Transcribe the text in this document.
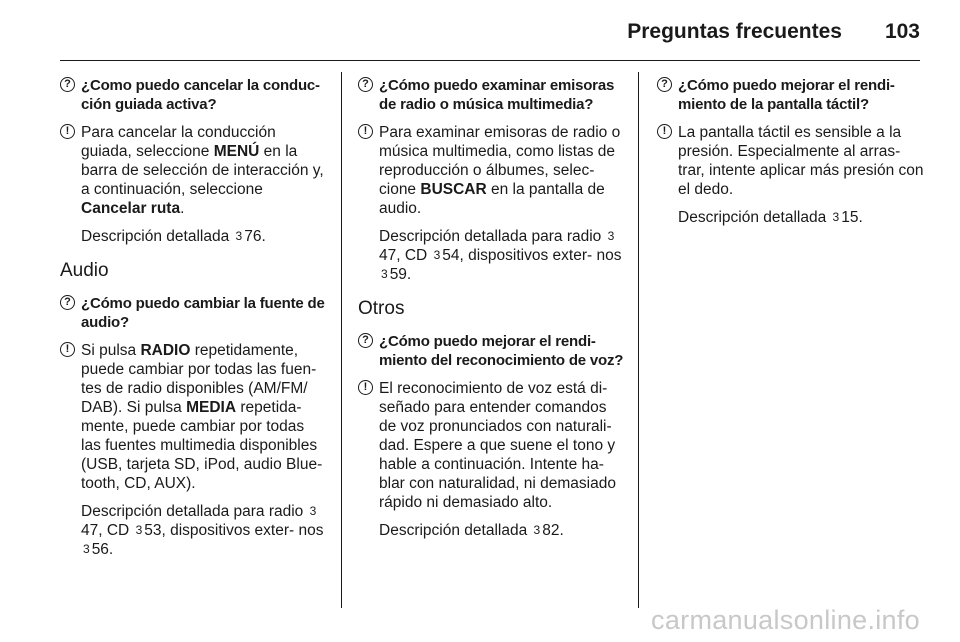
Preguntas frecuentes 103
? ¿Como puedo cancelar la conduc- ción guiada activa?
! Para cancelar la conducción guiada, seleccione MENÚ en la barra de selección de interacción y, a continuación, seleccione Cancelar ruta.
Descripción detallada 3 76.
Audio
? ¿Cómo puedo cambiar la fuente de audio?
! Si pulsa RADIO repetidamente, puede cambiar por todas las fuen- tes de radio disponibles (AM/FM/ DAB). Si pulsa MEDIA repetida- mente, puede cambiar por todas las fuentes multimedia disponibles (USB, tarjeta SD, iPod, audio Blue- tooth, CD, AUX).
Descripción detallada para radio 347, CD 3 53, dispositivos exter- nos 3 56.
? ¿Cómo puedo examinar emisoras de radio o música multimedia?
! Para examinar emisoras de radio o música multimedia, como listas de reproducción o álbumes, selec- cione BUSCAR en la pantalla de audio.
Descripción detallada para radio 347, CD 3 54, dispositivos exter- nos 3 59.
Otros
? ¿Cómo puedo mejorar el rendi- miento del reconocimiento de voz?
! El reconocimiento de voz está di- señado para entender comandos de voz pronunciados con naturali- dad. Espere a que suene el tono y hable a continuación. Intente ha- blar con naturalidad, ni demasiado rápido ni demasiado alto.
Descripción detallada 3 82.
? ¿Cómo puedo mejorar el rendi- miento de la pantalla táctil?
! La pantalla táctil es sensible a la presión. Especialmente al arras- trar, intente aplicar más presión con el dedo.
Descripción detallada 3 15.
carmanualsonline.info
